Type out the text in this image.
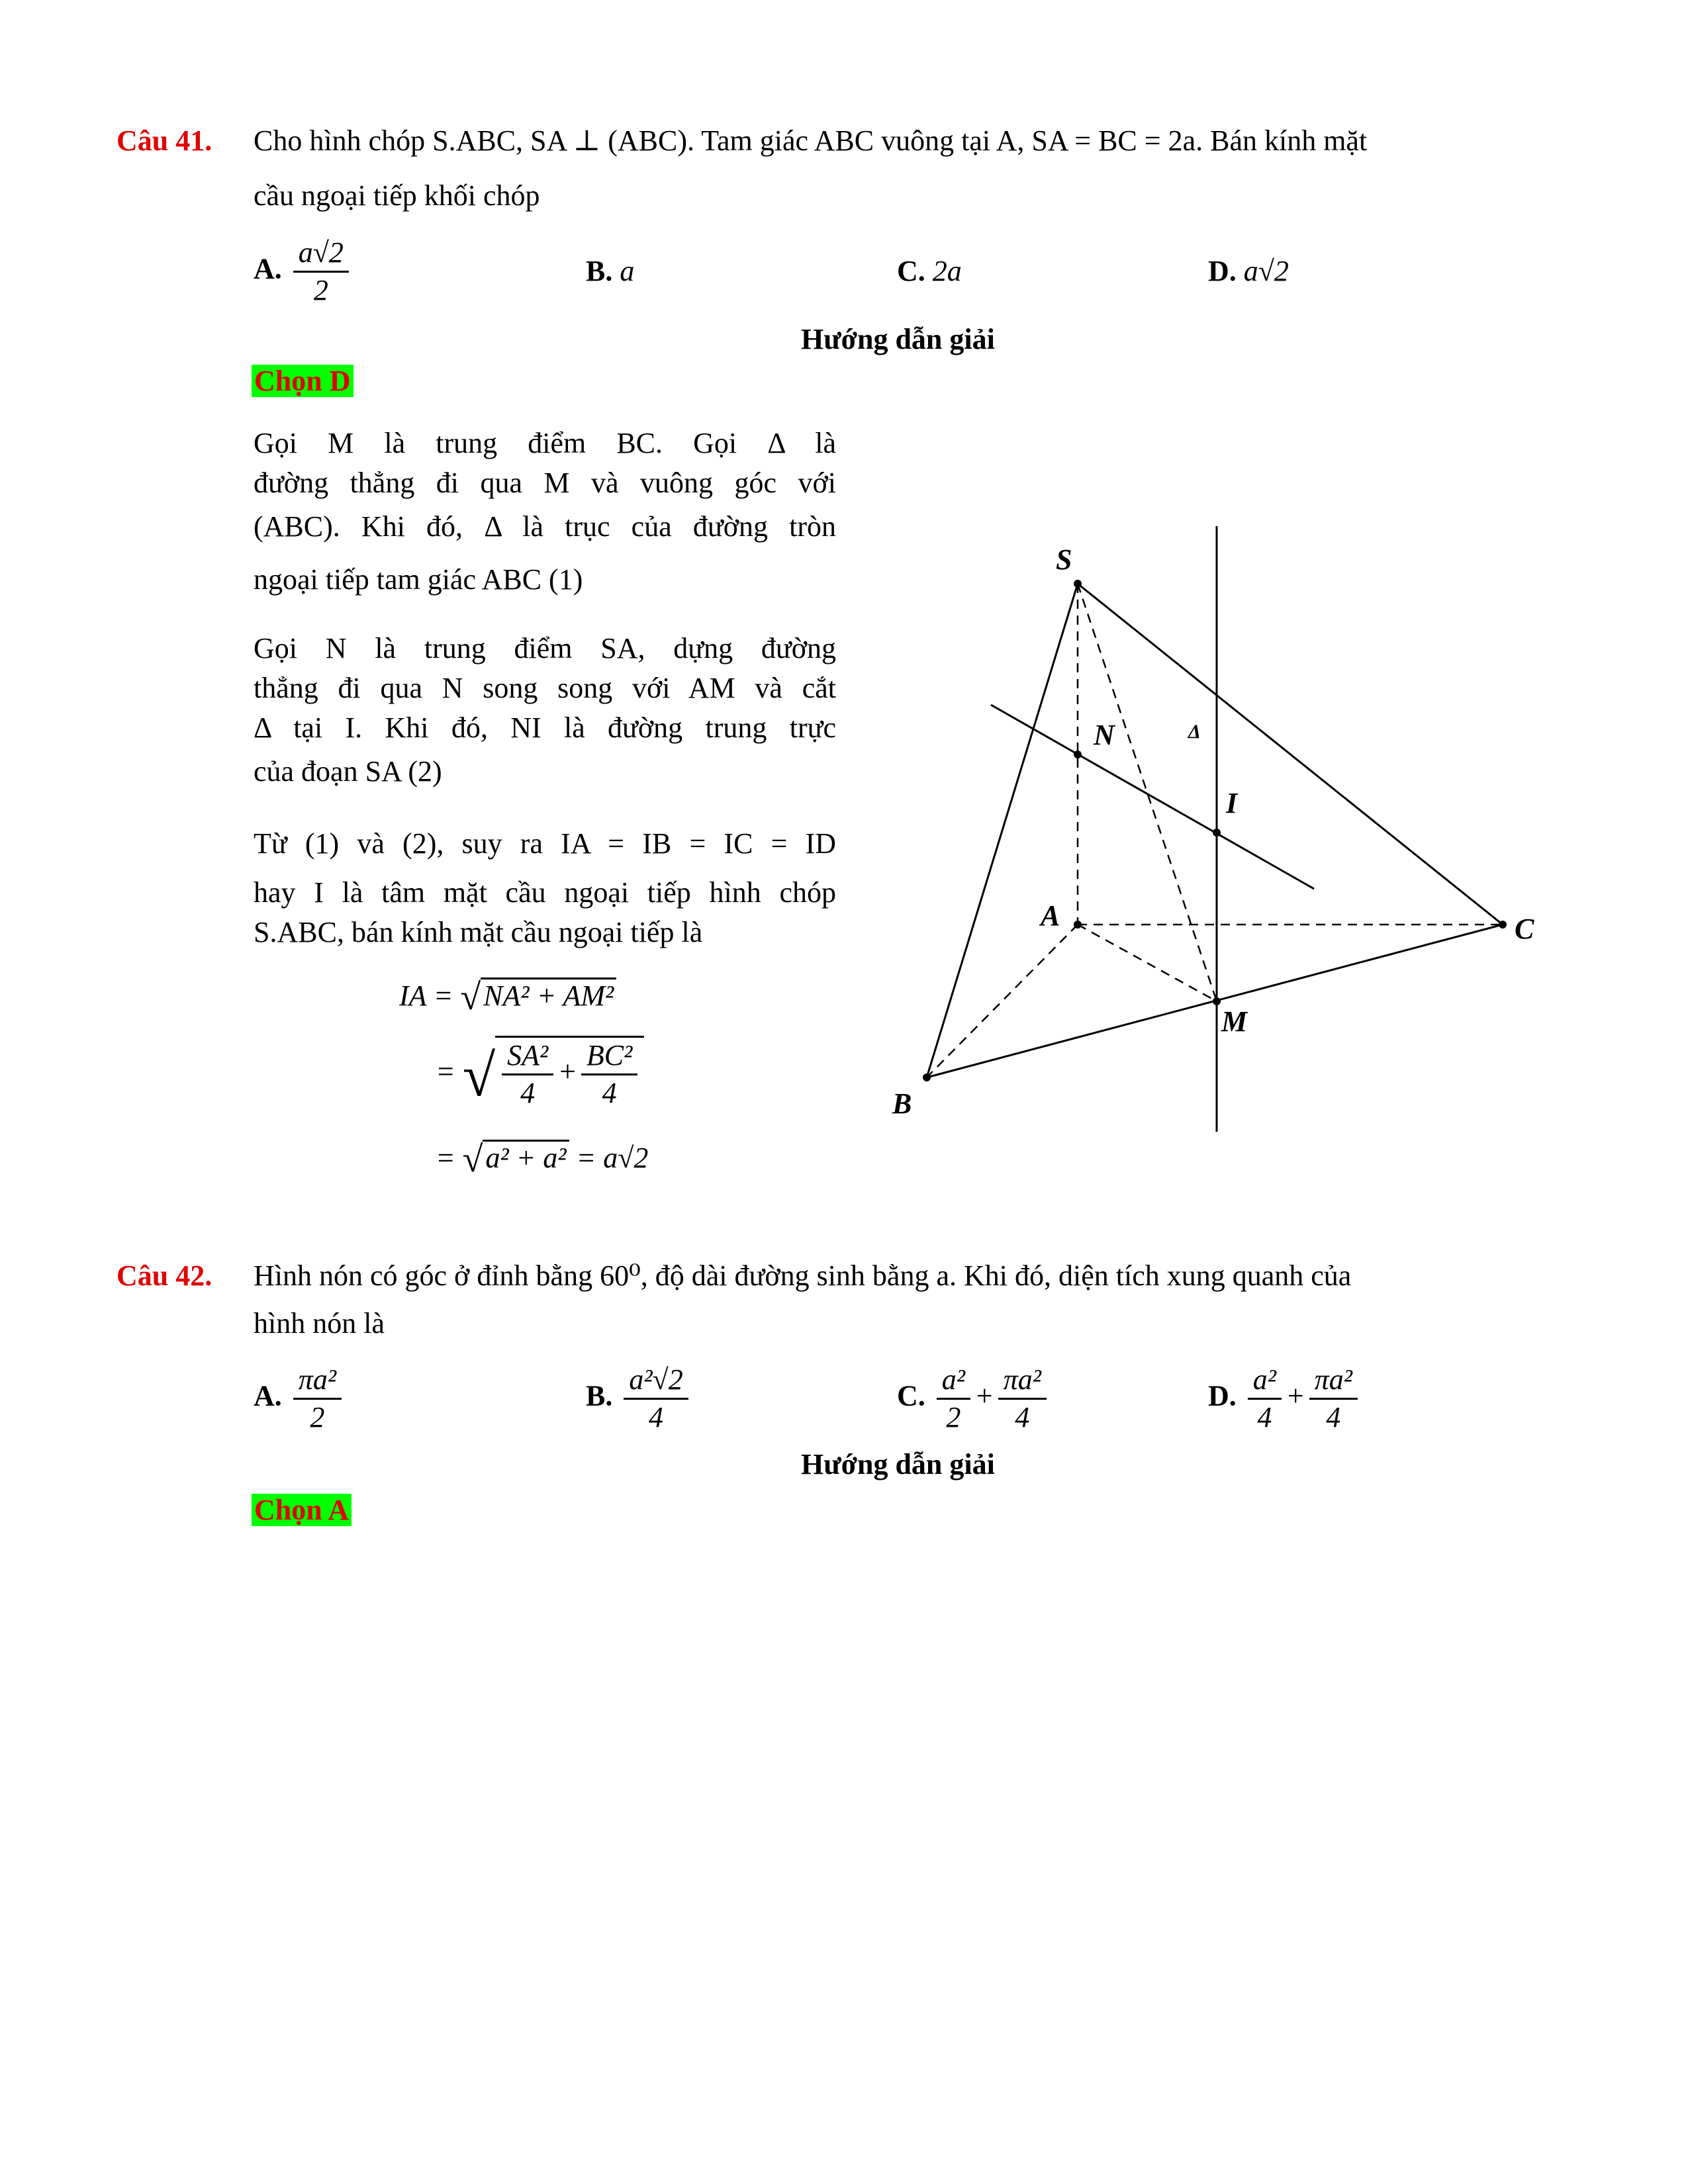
Câu 41. Cho hình chóp S.ABC, SA ⊥ (ABC). Tam giác ABC vuông tại A, SA = BC = 2a. Bán kính mặt
cầu ngoại tiếp khối chóp
A. $\frac{a√2}{2}$	B. a	C. 2a	D. a√2
Hướng dẫn giải
Chọn D
Gọi M là trung điểm BC. Gọi Δ là
đường thẳng đi qua M và vuông góc với
(ABC). Khi đó, Δ là trục của đường tròn
ngoại tiếp tam giác ABC (1)
Gọi N là trung điểm SA, dựng đường
thẳng đi qua N song song với AM và cắt
Δ tại I. Khi đó, NI là đường trung trực
của đoạn SA (2)
Từ (1) và (2), suy ra IA = IB = IC = ID
hay I là tâm mặt cầu ngoại tiếp hình chóp
S.ABC, bán kính mặt cầu ngoại tiếp là
IA = √NA² + AM²
= √ $\frac{\text{SA²}}{4} + \frac{\text{BC²}}{4}$
= √a² + a² = a√2
S
A
B
C
M
N
I
Δ
Câu 42. Hình nón có góc ở đỉnh bằng 60⁰, độ dài đường sinh bằng a. Khi đó, diện tích xung quanh của
hình nón là
A. $\frac{\text{πa²}}{2}$	B. $\frac{\text{a²√2}}{4}$	C. $\frac{\text{a²}}{2} + \frac{\text{πa²}}{4}$	D. $\frac{\text{a²}}{4} + \frac{\text{πa²}}{4}$
Hướng dẫn giải
Chọn A
